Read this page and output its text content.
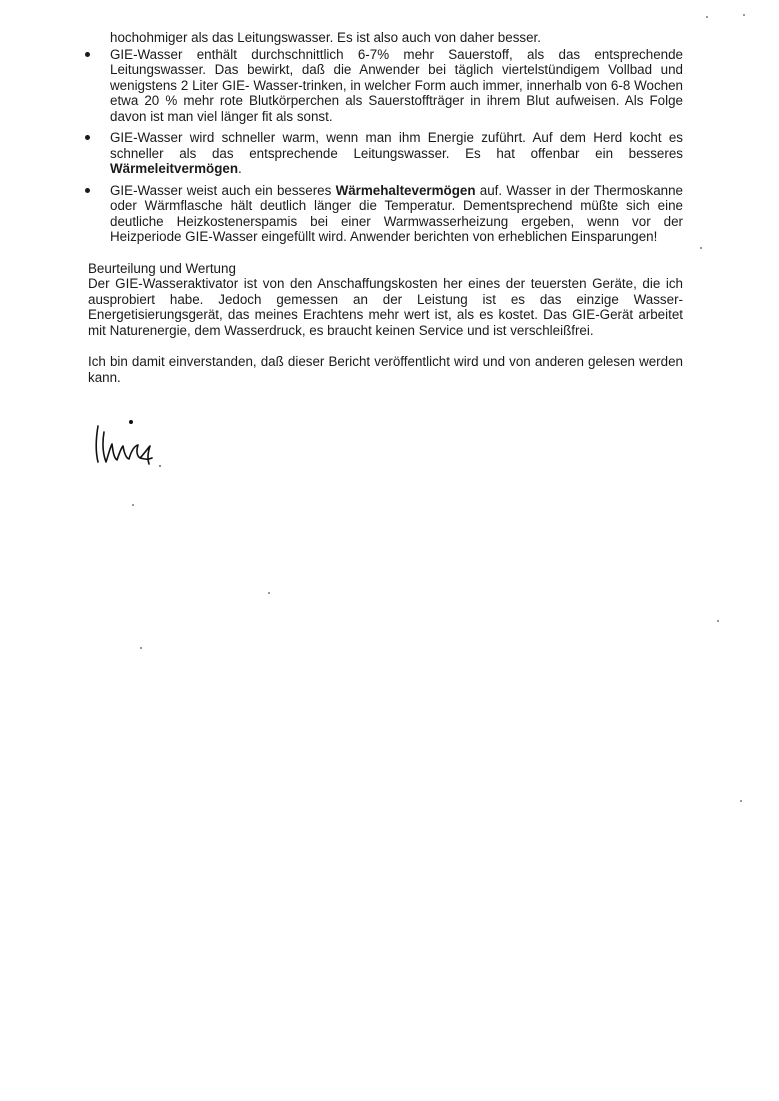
hochohmiger als das Leitungswasser. Es ist also auch von daher besser.
GIE-Wasser enthält durchschnittlich 6-7% mehr Sauerstoff, als das entsprechende Leitungswasser. Das bewirkt, daß die Anwender bei täglich viertelstündigem Vollbad und wenigstens 2 Liter GIE- Wasser-trinken, in welcher Form auch immer, innerhalb von 6-8 Wochen etwa 20 % mehr rote Blutkörperchen als Sauerstoffträger in ihrem Blut aufweisen. Als Folge davon ist man viel länger fit als sonst.
GIE-Wasser wird schneller warm, wenn man ihm Energie zuführt. Auf dem Herd kocht es schneller als das entsprechende Leitungswasser. Es hat offenbar ein besseres Wärmeleitvermögen.
GIE-Wasser weist auch ein besseres Wärmehaltevermögen auf. Wasser in der Thermoskanne oder Wärmflasche hält deutlich länger die Temperatur. Dementsprechend müßte sich eine deutliche Heizkostenerspamis bei einer Warmwasserheizung ergeben, wenn vor der Heizperiode GIE-Wasser eingefüllt wird. Anwender berichten von erheblichen Einsparungen!
Beurteilung und Wertung
Der GIE-Wasseraktivator ist von den Anschaffungskosten her eines der teuersten Geräte, die ich ausprobiert habe. Jedoch gemessen an der Leistung ist es das einzige Wasser-Energetisierungsgerät, das meines Erachtens mehr wert ist, als es kostet. Das GIE-Gerät arbeitet mit Naturenergie, dem Wasserdruck, es braucht keinen Service und ist verschleißfrei.
Ich bin damit einverstanden, daß dieser Bericht veröffentlicht wird und von anderen gelesen werden kann.
